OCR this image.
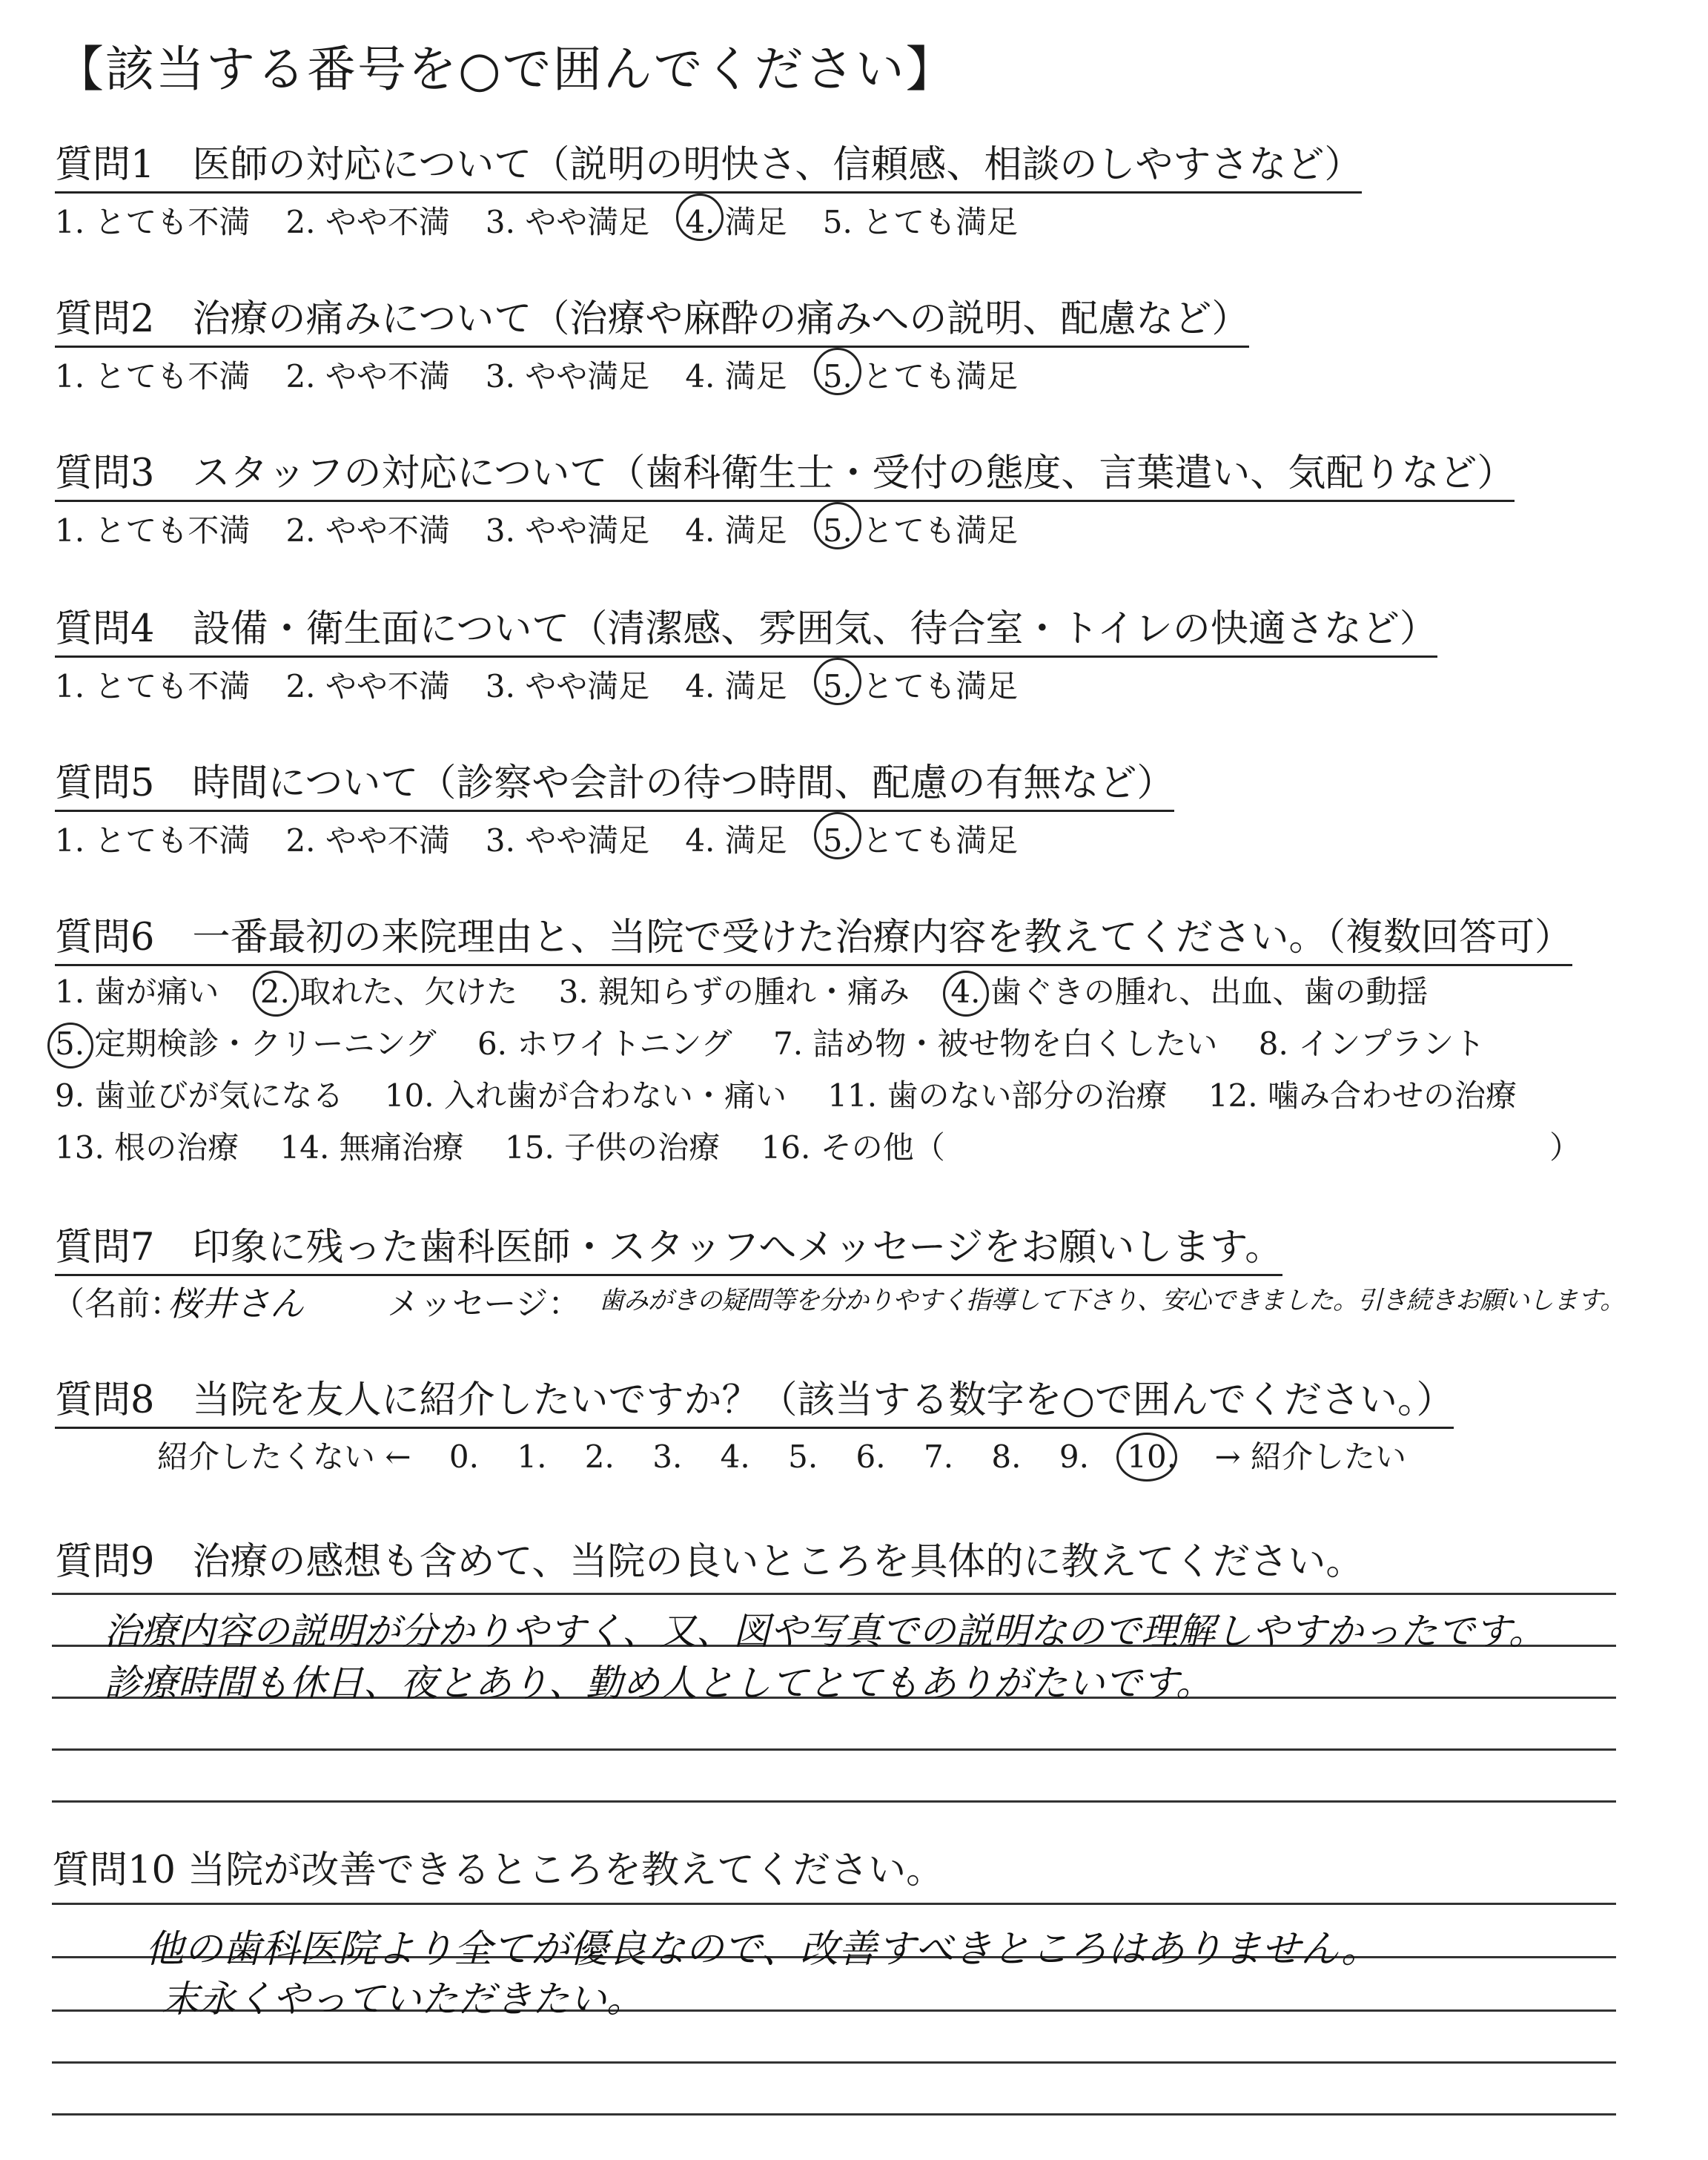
【該当する番号を○で囲んでください】
質問1　医師の対応について（説明の明快さ、信頼感、相談のしやすさなど）
1. とても不満 2. やや不満 3. やや満足 4. 満足 5. とても満足
質問2　治療の痛みについて（治療や麻酔の痛みへの説明、配慮など）
1. とても不満 2. やや不満 3. やや満足 4. 満足 5. とても満足
質問3　スタッフの対応について（歯科衛生士・受付の態度、言葉遣い、気配りなど）
1. とても不満 2. やや不満 3. やや満足 4. 満足 5. とても満足
質問4　設備・衛生面について（清潔感、雰囲気、待合室・トイレの快適さなど）
1. とても不満 2. やや不満 3. やや満足 4. 満足 5. とても満足
質問5　時間について（診察や会計の待つ時間、配慮の有無など）
1. とても不満 2. やや不満 3. やや満足 4. 満足 5. とても満足
質問6　一番最初の来院理由と、当院で受けた治療内容を教えてください。（複数回答可）
1. 歯が痛い 2. 取れた、欠けた 3. 親知らずの腫れ・痛み 4. 歯ぐきの腫れ、出血、歯の動揺
5. 定期検診・クリーニング 6. ホワイトニング 7. 詰め物・被せ物を白くしたい 8. インプラント
9. 歯並びが気になる 10. 入れ歯が合わない・痛い 11. 歯のない部分の治療 12. 噛み合わせの治療
13. 根の治療 14. 無痛治療 15. 子供の治療 16. その他（	）
質問7　印象に残った歯科医師・スタッフへメッセージをお願いします。
（名前：
桜井さん	メッセージ： 歯みがきの疑問等を分かりやすく指導して下さり、安心できました。引き続きお願いします。
質問8　当院を友人に紹介したいですか？（該当する数字を○で囲んでください。）
紹介したくない ← 0. 1. 2. 3. 4. 5. 6. 7. 8. 9. 10. → 紹介したい
質問9　治療の感想も含めて、当院の良いところを具体的に教えてください。
治療内容の説明が分かりやすく、又、図や写真での説明なので理解しやすかったです。
診療時間も休日、夜とあり、勤め人としてとてもありがたいです。
質問10 当院が改善できるところを教えてください。
他の歯科医院より全てが優良なので、改善すべきところはありません。
末永くやっていただきたい。
